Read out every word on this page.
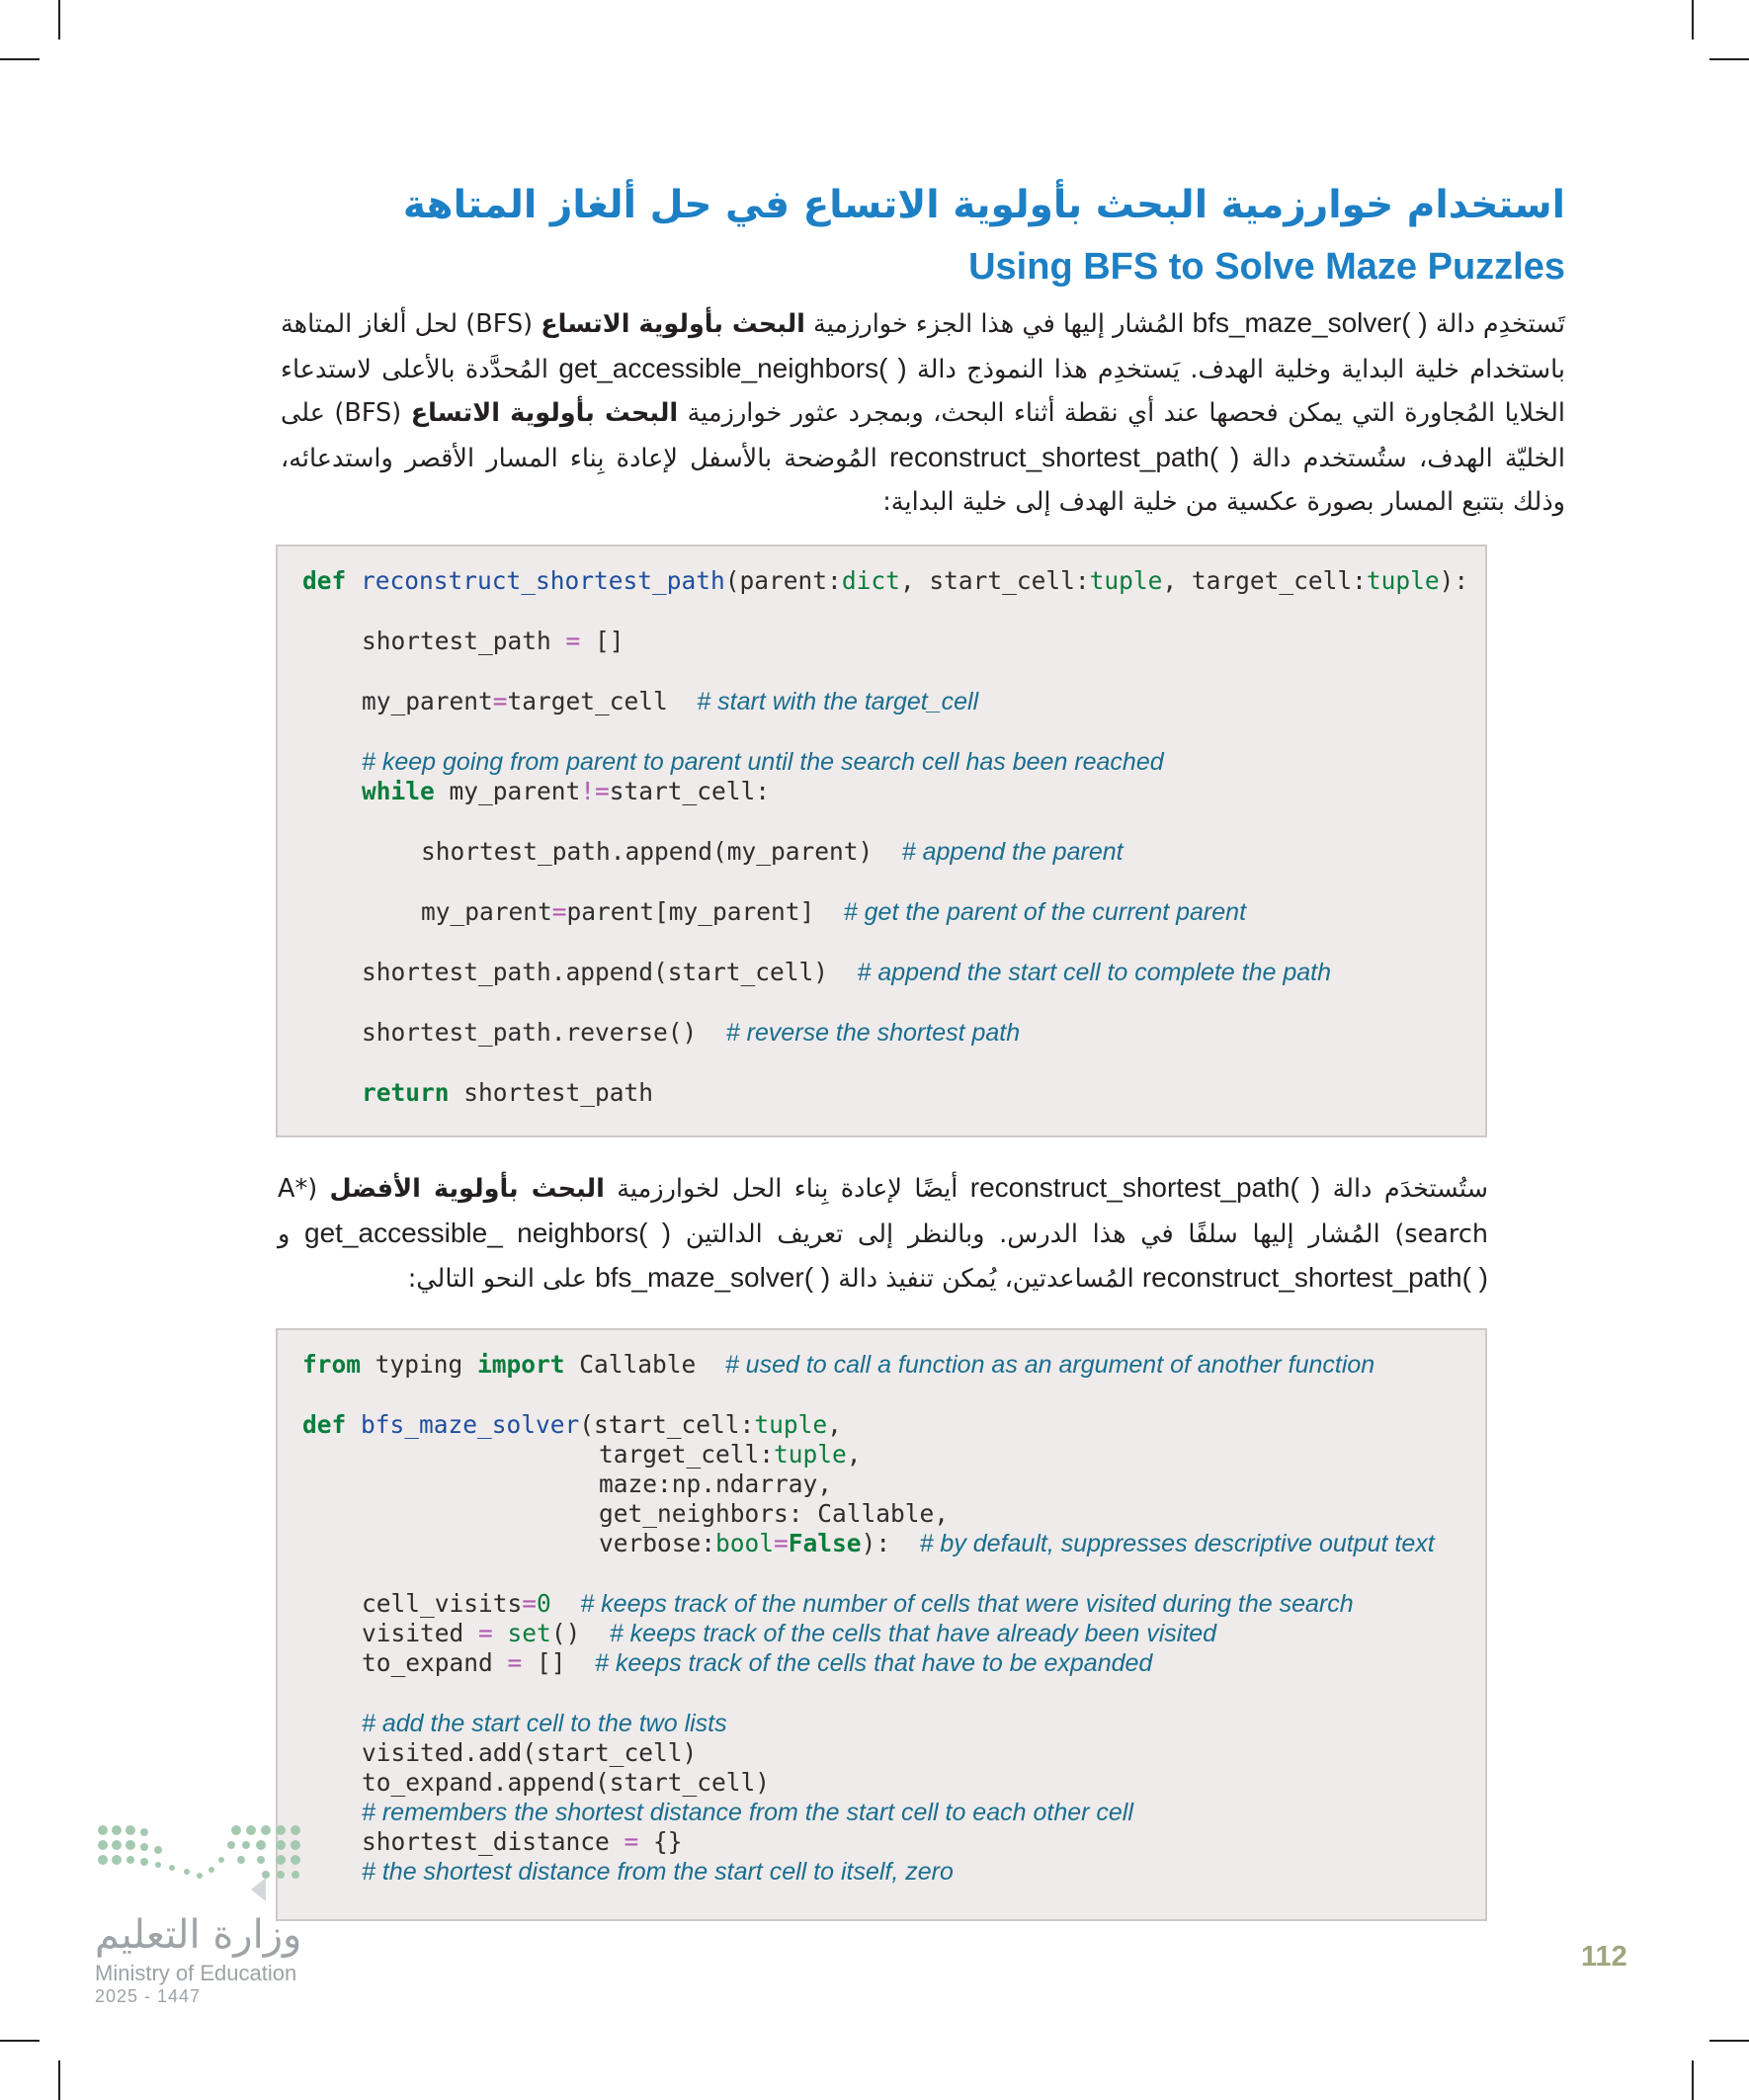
استخدام خوارزمية البحث بأولوية الاتساع في حل ألغاز المتاهة
Using BFS to Solve Maze Puzzles

تَستخدِم دالة bfs_maze_solver( ) المُشار إليها في هذا الجزء خوارزمية البحث بأولوية الاتساع (BFS) لحل ألغاز المتاهة باستخدام خلية البداية وخلية الهدف. يَستخدِم هذا النموذج دالة get_accessible_neighbors( ) المُحدَّدة بالأعلى لاستدعاء الخلايا المُجاورة التي يمكن فحصها عند أي نقطة أثناء البحث، وبمجرد عثور خوارزمية البحث بأولوية الاتساع (BFS) على الخليّة الهدف، ستُستخدم دالة reconstruct_shortest_path( ) المُوضحة بالأسفل لإعادة بِناء المسار الأقصر واستدعائه، وذلك بتتبع المسار بصورة عكسية من خلية الهدف إلى خلية البداية:

def reconstruct_shortest_path(parent:dict, start_cell:tuple, target_cell:tuple):

shortest_path = []

my_parent=target_cell  # start with the target_cell

# keep going from parent to parent until the search cell has been reached

while my_parent!=start_cell:

shortest_path.append(my_parent)  # append the parent

my_parent=parent[my_parent]  # get the parent of the current parent

shortest_path.append(start_cell)  # append the start cell to complete the path

shortest_path.reverse()  # reverse the shortest path

return shortest_path

ستُستخدَم دالة reconstruct_shortest_path( ) أيضًا لإعادة بِناء الحل لخوارزمية البحث بأولوية الأفضل (A* search) المُشار إليها سلفًا في هذا الدرس. وبالنظر إلى تعريف الدالتين get_accessible_ neighbors( ) و reconstruct_shortest_path( ) المُساعدتين، يُمكن تنفيذ دالة bfs_maze_solver( ) على النحو التالي:

from typing import Callable  # used to call a function as an argument of another function

def bfs_maze_solver(start_cell:tuple,

target_cell:tuple,

maze:np.ndarray,

get_neighbors: Callable,

verbose:bool=False):  # by default, suppresses descriptive output text

cell_visits=0 # keeps track of the number of cells that were visited during the search

visited = set()  # keeps track of the cells that have already been visited

to_expand = []  # keeps track of the cells that have to be expanded

# add the start cell to the two lists

visited.add(start_cell)

to_expand.append(start_cell)

# remembers the shortest distance from the start cell to each other cell

shortest_distance = {}

# the shortest distance from the start cell to itself, zero

وزارة التعليم
Ministry of Education
2025 - 1447
112
